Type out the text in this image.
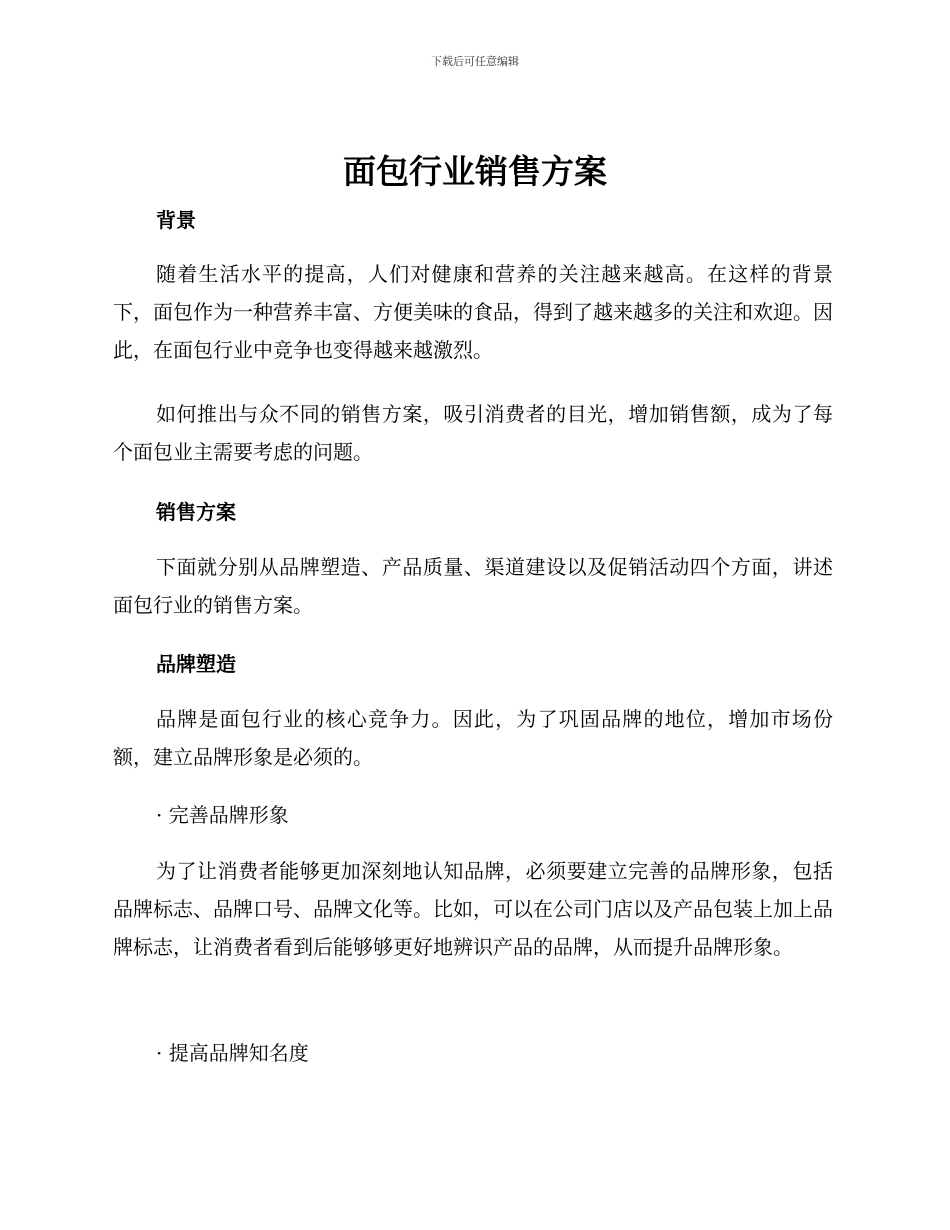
下载后可任意编辑
面包行业销售方案
背景
随着生活水平的提高，人们对健康和营养的关注越来越高。在这样的背景下，面包作为一种营养丰富、方便美味的食品，得到了越来越多的关注和欢迎。因此，在面包行业中竞争也变得越来越激烈。
如何推出与众不同的销售方案，吸引消费者的目光，增加销售额，成为了每个面包业主需要考虑的问题。
销售方案
下面就分别从品牌塑造、产品质量、渠道建设以及促销活动四个方面，讲述面包行业的销售方案。
品牌塑造
品牌是面包行业的核心竞争力。因此，为了巩固品牌的地位，增加市场份额，建立品牌形象是必须的。
· 完善品牌形象
为了让消费者能够更加深刻地认知品牌，必须要建立完善的品牌形象，包括品牌标志、品牌口号、品牌文化等。比如，可以在公司门店以及产品包装上加上品牌标志，让消费者看到后能够够更好地辨识产品的品牌，从而提升品牌形象。
· 提高品牌知名度
